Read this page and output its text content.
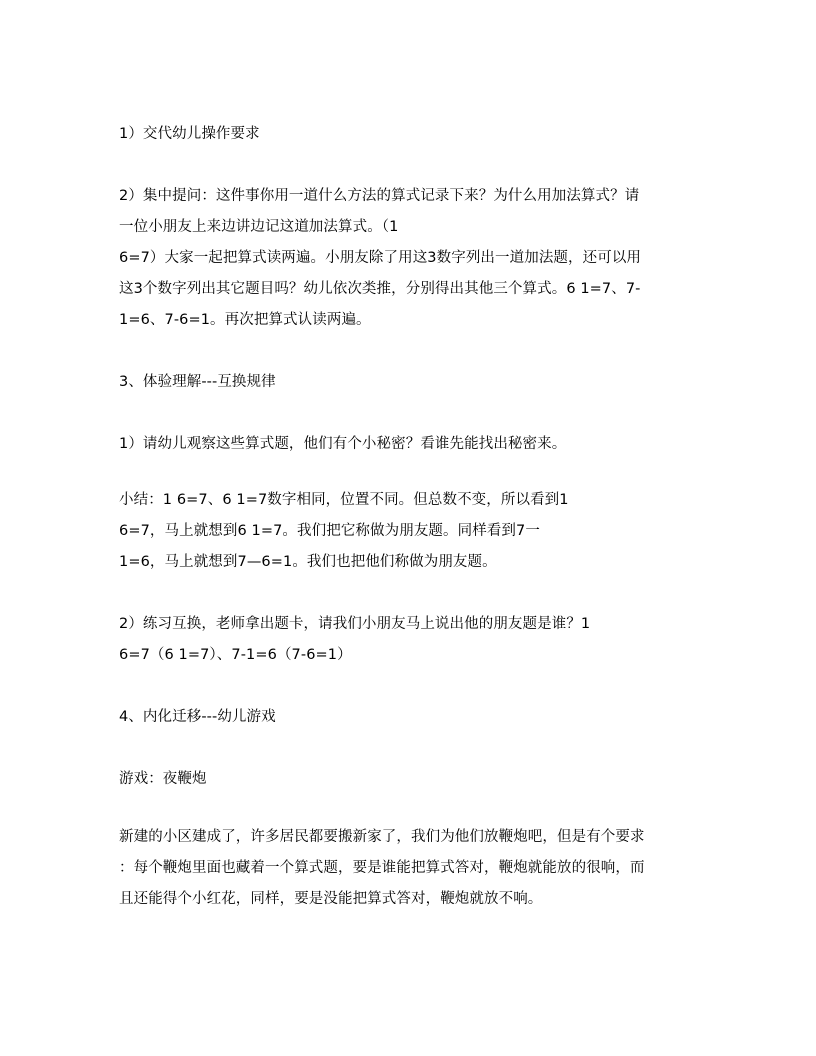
1）交代幼儿操作要求
2）集中提问：这件事你用一道什么方法的算式记录下来？为什么用加法算式？请
一位小朋友上来边讲边记这道加法算式。（1
6=7）大家一起把算式读两遍。小朋友除了用这3数字列出一道加法题，还可以用
这3个数字列出其它题目吗？幼儿依次类推，分别得出其他三个算式。6 1=7、7-
1=6、7-6=1。再次把算式认读两遍。
3、体验理解---互换规律
1）请幼儿观察这些算式题，他们有个小秘密？看谁先能找出秘密来。
小结：1 6=7、6 1=7数字相同，位置不同。但总数不变，所以看到1
6=7，马上就想到6 1=7。我们把它称做为朋友题。同样看到7一
1=6，马上就想到7—6=1。我们也把他们称做为朋友题。
2）练习互换，老师拿出题卡，请我们小朋友马上说出他的朋友题是谁？1
6=7（6 1=7）、7-1=6（7-6=1）
4、内化迁移---幼儿游戏
游戏：夜鞭炮
新建的小区建成了，许多居民都要搬新家了，我们为他们放鞭炮吧，但是有个要求
：每个鞭炮里面也藏着一个算式题，要是谁能把算式答对，鞭炮就能放的很响，而
且还能得个小红花，同样，要是没能把算式答对，鞭炮就放不响。
